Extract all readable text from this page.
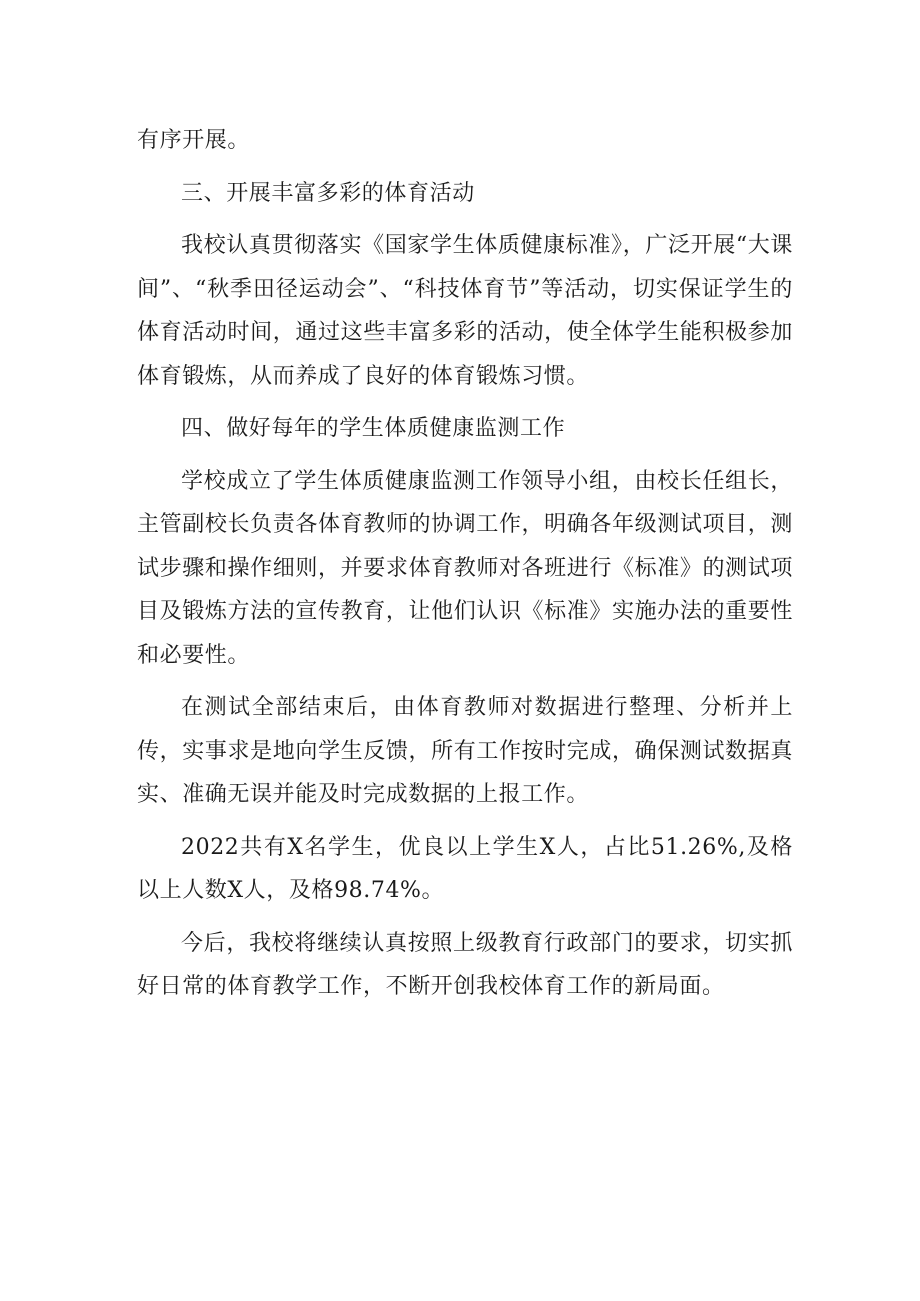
有序开展。

三、开展丰富多彩的体育活动

我校认真贯彻落实《国家学生体质健康标准》，广泛开展“大课间”、“秋季田径运动会”、“科技体育节”等活动，切实保证学生的体育活动时间，通过这些丰富多彩的活动，使全体学生能积极参加体育锻炼，从而养成了良好的体育锻炼习惯。

四、做好每年的学生体质健康监测工作

学校成立了学生体质健康监测工作领导小组，由校长任组长，主管副校长负责各体育教师的协调工作，明确各年级测试项目，测试步骤和操作细则，并要求体育教师对各班进行《标准》的测试项目及锻炼方法的宣传教育，让他们认识《标准》实施办法的重要性和必要性。

在测试全部结束后，由体育教师对数据进行整理、分析并上传，实事求是地向学生反馈，所有工作按时完成，确保测试数据真实、准确无误并能及时完成数据的上报工作。

2022共有X名学生，优良以上学生X人，占比51.26%,及格以上人数X人，及格98.74%。

今后，我校将继续认真按照上级教育行政部门的要求，切实抓好日常的体育教学工作，不断开创我校体育工作的新局面。
